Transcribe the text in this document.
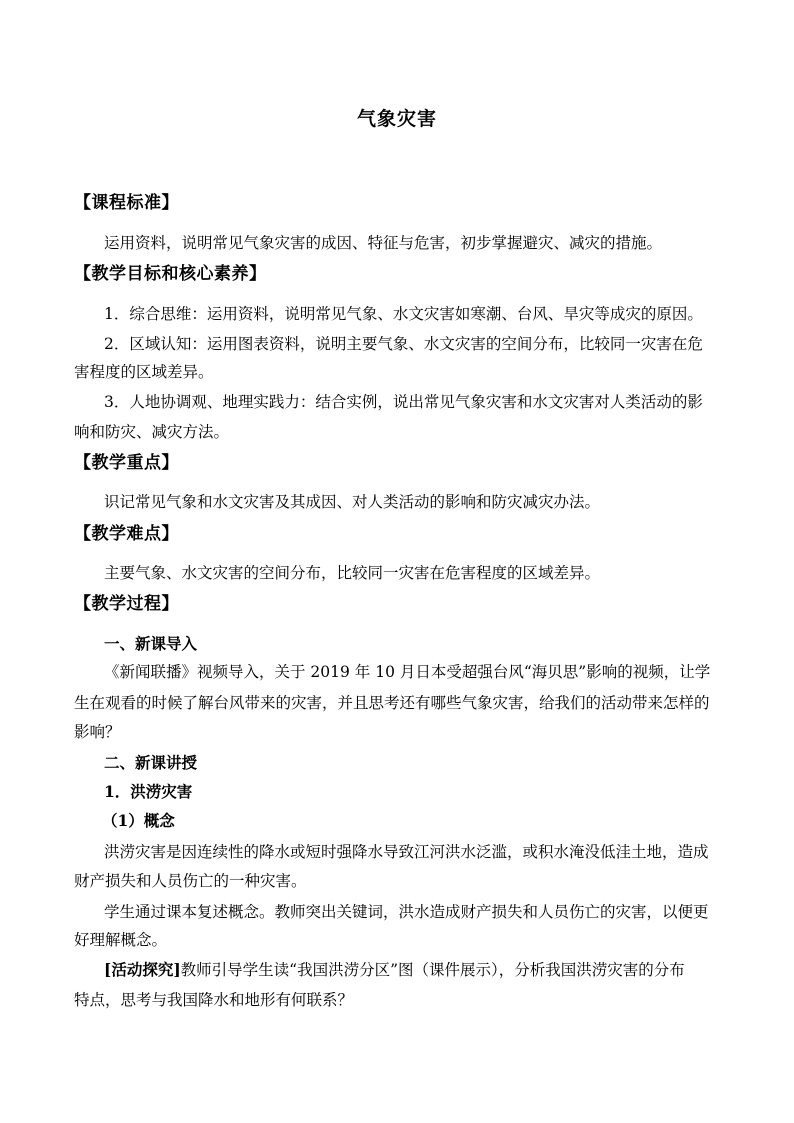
气象灾害
【课程标准】
运用资料，说明常见气象灾害的成因、特征与危害，初步掌握避灾、减灾的措施。
【教学目标和核心素养】
1．综合思维：运用资料，说明常见气象、水文灾害如寒潮、台风、旱灾等成灾的原因。
2．区域认知：运用图表资料，说明主要气象、水文灾害的空间分布，比较同一灾害在危
害程度的区域差异。
3．人地协调观、地理实践力：结合实例，说出常见气象灾害和水文灾害对人类活动的影
响和防灾、减灾方法。
【教学重点】
识记常见气象和水文灾害及其成因、对人类活动的影响和防灾减灾办法。
【教学难点】
主要气象、水文灾害的空间分布，比较同一灾害在危害程度的区域差异。
【教学过程】
一、新课导入
《新闻联播》视频导入，关于 2019 年 10 月日本受超强台风“海贝思”影响的视频，让学
生在观看的时候了解台风带来的灾害，并且思考还有哪些气象灾害，给我们的活动带来怎样的
影响？
二、新课讲授
1．洪涝灾害
（1）概念
洪涝灾害是因连续性的降水或短时强降水导致江河洪水泛滥，或积水淹没低洼土地，造成
财产损失和人员伤亡的一种灾害。
学生通过课本复述概念。教师突出关键词，洪水造成财产损失和人员伤亡的灾害，以便更
好理解概念。
[活动探究]教师引导学生读“我国洪涝分区”图（课件展示），分析我国洪涝灾害的分布
特点，思考与我国降水和地形有何联系？
